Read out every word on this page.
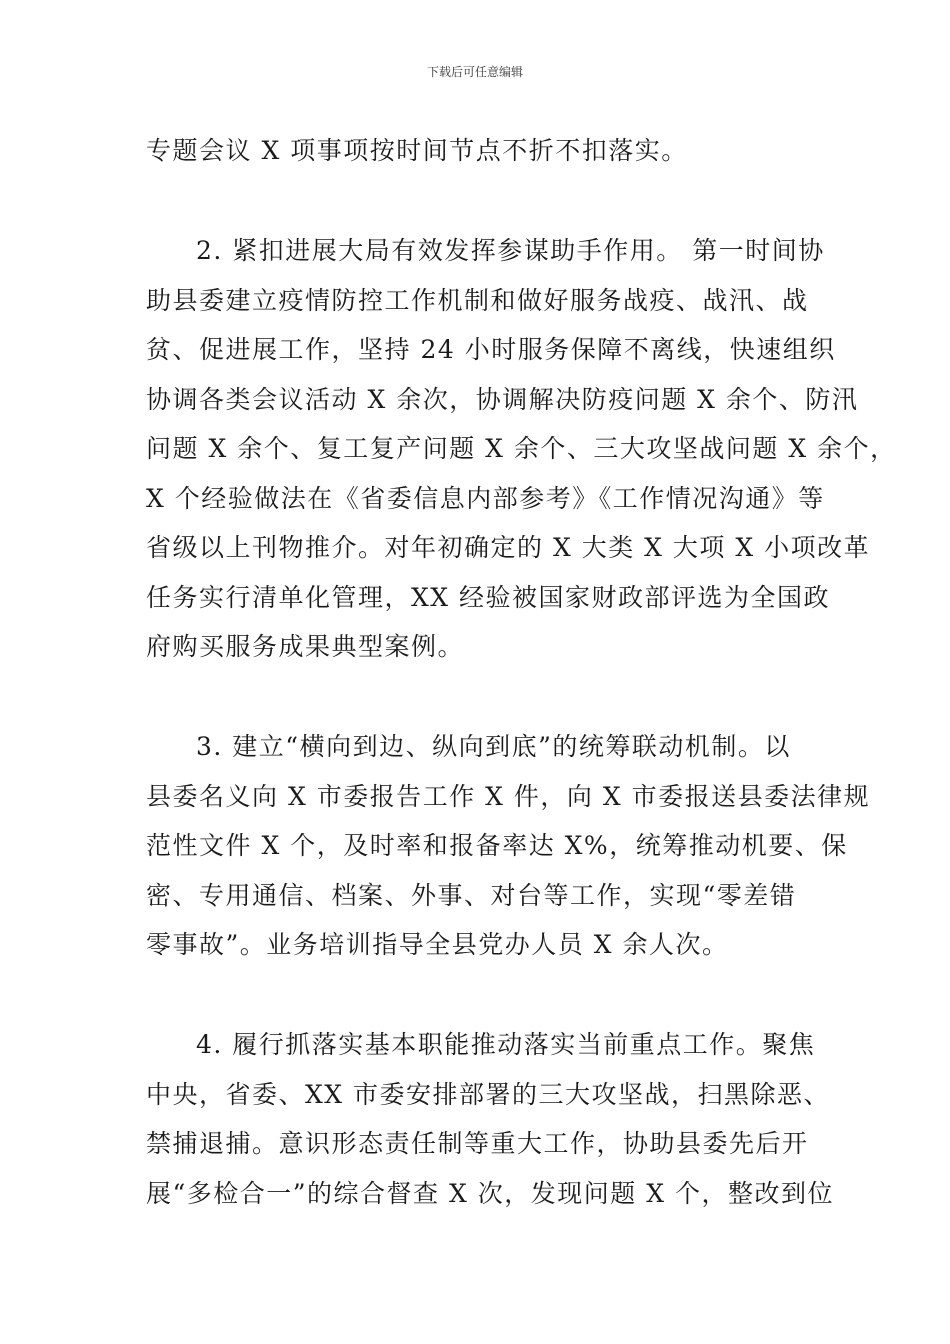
下载后可任意编辑
专题会议 X 项事项按时间节点不折不扣落实。
2. 紧扣进展大局有效发挥参谋助手作用。 第一时间协
助县委建立疫情防控工作机制和做好服务战疫、战汛、战
贫、促进展工作，坚持 24 小时服务保障不离线，快速组织
协调各类会议活动 X 余次，协调解决防疫问题 X 余个、防汛
问题 X 余个、复工复产问题 X 余个、三大攻坚战问题 X 余个，
X 个经验做法在《省委信息内部参考》《工作情况沟通》等
省级以上刊物推介。对年初确定的 X 大类 X 大项 X 小项改革
任务实行清单化管理，XX 经验被国家财政部评选为全国政
府购买服务成果典型案例。
3. 建立“横向到边、纵向到底”的统筹联动机制。以
县委名义向 X 市委报告工作 X 件，向 X 市委报送县委法律规
范性文件 X 个，及时率和报备率达 X%，统筹推动机要、保
密、专用通信、档案、外事、对台等工作，实现“零差错
零事故”。业务培训指导全县党办人员 X 余人次。
4. 履行抓落实基本职能推动落实当前重点工作。聚焦
中央，省委、XX 市委安排部署的三大攻坚战，扫黑除恶、
禁捕退捕。意识形态责任制等重大工作，协助县委先后开
展“多检合一”的综合督查 X 次，发现问题 X 个，整改到位
